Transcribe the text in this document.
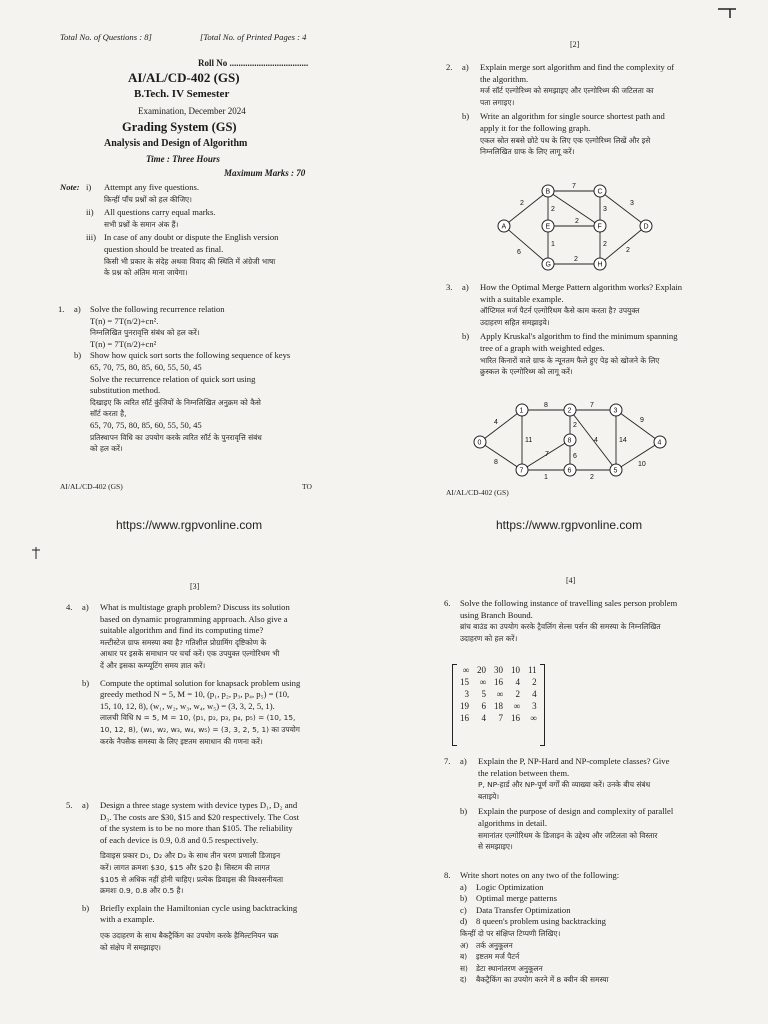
Total No. of Questions : 8]	[Total No. of Printed Pages : 4
Roll No ...................................
AI/AL/CD-402 (GS)
B.Tech. IV Semester
Examination, December 2024
Grading System (GS)
Analysis and Design of Algorithm
Time : Three Hours
Maximum Marks : 70
Note: i)	Attempt any five questions.
किन्हीं पाँच प्रश्नों को हल कीजिए।
ii)	All questions carry equal marks.
सभी प्रश्नों के समान अंक हैं।
iii) In case of any doubt or dispute the English version
question should be treated as final.
किसी भी प्रकार के संदेह अथवा विवाद की स्थिति में अंग्रेजी भाषा
के प्रश्न को अंतिम माना जायेगा।
1.	a)	Solve the following recurrence relation
T(n) = 7T(n/2)+cn².
निम्नलिखित पुनरावृत्ति संबंध को हल करें।
T(n) = 7T(n/2)+cn²
b)	Show how quick sort sorts the following sequence of keys
65, 70, 75, 80, 85, 60, 55, 50, 45
Solve the recurrence relation of quick sort using
substitution method.
दिखाइए कि त्वरित सॉर्ट कुंजियों के निम्नलिखित अनुक्रम को कैसे
सॉर्ट करता है,
65, 70, 75, 80, 85, 60, 55, 50, 45
प्रतिस्थापन विधि का उपयोग करके त्वरित सॉर्ट के पुनरावृत्ति संबंध
को हल करें।
AI/AL/CD-402 (GS)	TO
https://www.rgpvonline.com
[2]
2.	a)	Explain merge sort algorithm and find the complexity of
the algorithm.
मर्ज सॉर्ट एल्गोरिथ्म को समझाइए और एल्गोरिथ्म की जटिलता का
पता लगाइए।
b)	Write an algorithm for single source shortest path and
apply it for the following graph.
एकल स्रोत सबसे छोटे पथ के लिए एक एल्गोरिथ्म लिखें और इसे
निम्नलिखित ग्राफ के लिए लागू करें।
B	C
A	E	F	D
G	H
2
7
3
2	3
2
6
1	2
2
2
3.	a)	How the Optimal Merge Pattern algorithm works? Explain
with a suitable example.
ऑप्टिमल मर्ज पैटर्न एल्गोरिथम कैसे काम करता है? उपयुक्त
उदाहरण सहित समझाइये।
b)	Apply Kruskal's algorithm to find the minimum spanning
tree of a graph with weighted edges.
भारित किनारों वाले ग्राफ के न्यूनतम फैले हुए पेड़ को खोजने के लिए
क्रुस्कल के एल्गोरिथ्म को लागू करें।
0
1	2	3
4
5
6
7
8
4
8	7
9
11
2
4	14
8
7	6
1	2
10
AI/AL/CD-402 (GS)
https://www.rgpvonline.com
[3]
4.	a)	What is multistage graph problem? Discuss its solution
based on dynamic programming approach. Also give a
suitable algorithm and find its computing time?
मल्टीस्टेज ग्राफ समस्या क्या है? गतिशील प्रोग्रामिंग दृष्टिकोण के
आधार पर इसके समाधान पर चर्चा करें। एक उपयुक्त एल्गोरिथम भी
दें और इसका कम्प्यूटिंग समय ज्ञात करें।
b)	Compute the optimal solution for knapsack problem using
greedy method N = 5, M = 10, (p₁, p₂, p₃, p₄, p₅) = (10,
15, 10, 12, 8), (w₁, w₂, w₃, w₄, w₅) = (3, 3, 2, 5, 1).
लालची विधि N = 5, M = 10, (p₁, p₂, p₃, p₄, p₅) = (10, 15,
10, 12, 8), (w₁, w₂, w₃, w₄, w₅) = (3, 3, 2, 5, 1) का उपयोग
करके नैपसैक समस्या के लिए इष्टतम समाधान की गणना करें।
5.	a)	Design a three stage system with device types D₁, D₂ and
D₃. The costs are $30, $15 and $20 respectively. The Cost
of the system is to be no more than $105. The reliability
of each device is 0.9, 0.8 and 0.5 respectively.
डिवाइस प्रकार D₁, D₂ और D₃ के साथ तीन चरण प्रणाली डिजाइन
करें। लागत क्रमशः $30, $15 और $20 है। सिस्टम की लागत
$105 से अधिक नहीं होनी चाहिए। प्रत्येक डिवाइस की विश्वसनीयता
क्रमशः 0.9, 0.8 और 0.5 है।
b)	Briefly explain the Hamiltonian cycle using backtracking
with a example.
एक उदाहरण के साथ बैकट्रैकिंग का उपयोग करके हैमिल्टनियन चक्र
को संक्षेप में समझाइए।
[4]
6.	Solve the following instance of travelling sales person problem
using Branch Bound.
ब्रांच बाउंड का उपयोग करके ट्रैवलिंग सेल्स पर्सन की समस्या के निम्नलिखित
उदाहरण को हल करें।
∞	20	30	10	11
15	∞	16	4	2
3	5	∞	2	4
19	6	18	∞	3
16	4	7	16	∞
7.	a)	Explain the P, NP-Hard and NP-complete classes? Give
the relation between them.
P, NP-हार्ड और NP-पूर्ण वर्गों की व्याख्या करें। उनके बीच संबंध
बताइये।
b)	Explain the purpose of design and complexity of parallel
algorithms in detail.
समानांतर एल्गोरिथम के डिजाइन के उद्देश्य और जटिलता को विस्तार
से समझाइए।
8.	Write short notes on any two of the following:
a) Logic Optimization
b) Optimal merge patterns
c) Data Transfer Optimization
d) 8 queen's problem using backtracking
किन्हीं दो पर संक्षिप्त टिप्पणी लिखिए।
अ) तर्क अनुकूलन
ब) इष्टतम मर्ज पैटर्न
स) डेटा स्थानांतरण अनुकूलन
द) बैकट्रैकिंग का उपयोग करने में 8 क्वीन की समस्या
